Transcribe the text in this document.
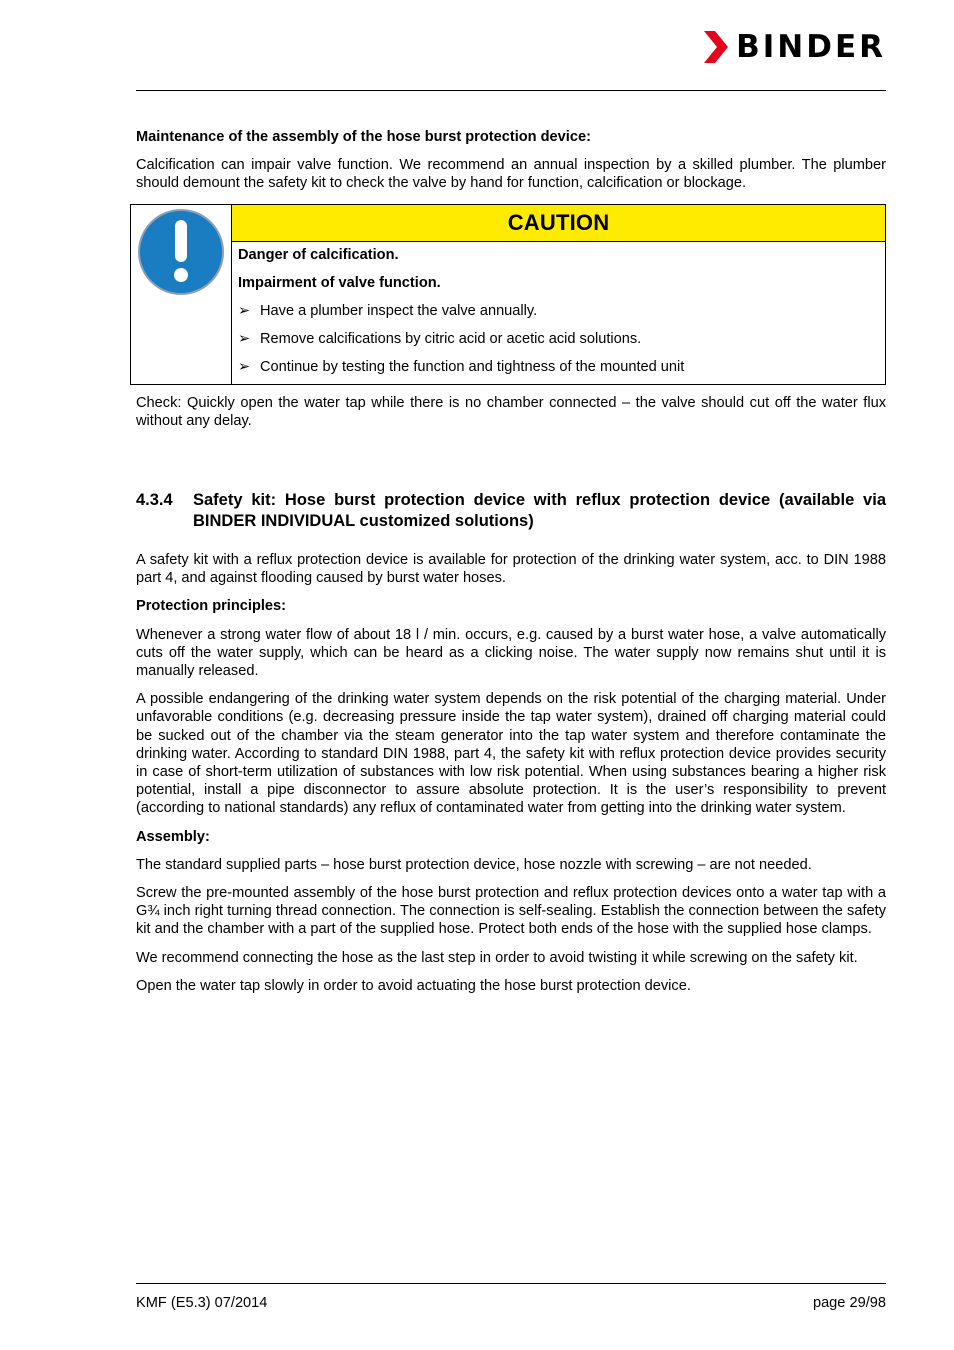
BINDER

Maintenance of the assembly of the hose burst protection device:

Calcification can impair valve function. We recommend an annual inspection by a skilled plumber. The plumber should demount the safety kit to check the valve by hand for function, calcification or blockage.

	CAUTION

Danger of calcification.
Impairment of valve function.
➢ Have a plumber inspect the valve annually.
➢ Remove calcifications by citric acid or acetic acid solutions.
➢ Continue by testing the function and tightness of the mounted unit

Check: Quickly open the water tap while there is no chamber connected – the valve should cut off the water flux without any delay.

4.3.4	Safety kit: Hose burst protection device with reflux protection device (available via BINDER INDIVIDUAL customized solutions)

A safety kit with a reflux protection device is available for protection of the drinking water system, acc. to DIN 1988 part 4, and against flooding caused by burst water hoses.

Protection principles:

Whenever a strong water flow of about 18 l / min. occurs, e.g. caused by a burst water hose, a valve automatically cuts off the water supply, which can be heard as a clicking noise. The water supply now remains shut until it is manually released.

A possible endangering of the drinking water system depends on the risk potential of the charging material. Under unfavorable conditions (e.g. decreasing pressure inside the tap water system), drained off charging material could be sucked out of the chamber via the steam generator into the tap water system and therefore contaminate the drinking water. According to standard DIN 1988, part 4, the safety kit with reflux protection device provides security in case of short-term utilization of substances with low risk potential. When using substances bearing a higher risk potential, install a pipe disconnector to assure absolute protection. It is the user’s responsibility to prevent (according to national standards) any reflux of contaminated water from getting into the drinking water system.

Assembly:

The standard supplied parts – hose burst protection device, hose nozzle with screwing – are not needed.

Screw the pre-mounted assembly of the hose burst protection and reflux protection devices onto a water tap with a G¾ inch right turning thread connection. The connection is self-sealing. Establish the connection between the safety kit and the chamber with a part of the supplied hose. Protect both ends of the hose with the supplied hose clamps.

We recommend connecting the hose as the last step in order to avoid twisting it while screwing on the safety kit.

Open the water tap slowly in order to avoid actuating the hose burst protection device.

KMF (E5.3) 07/2014	page 29/98
